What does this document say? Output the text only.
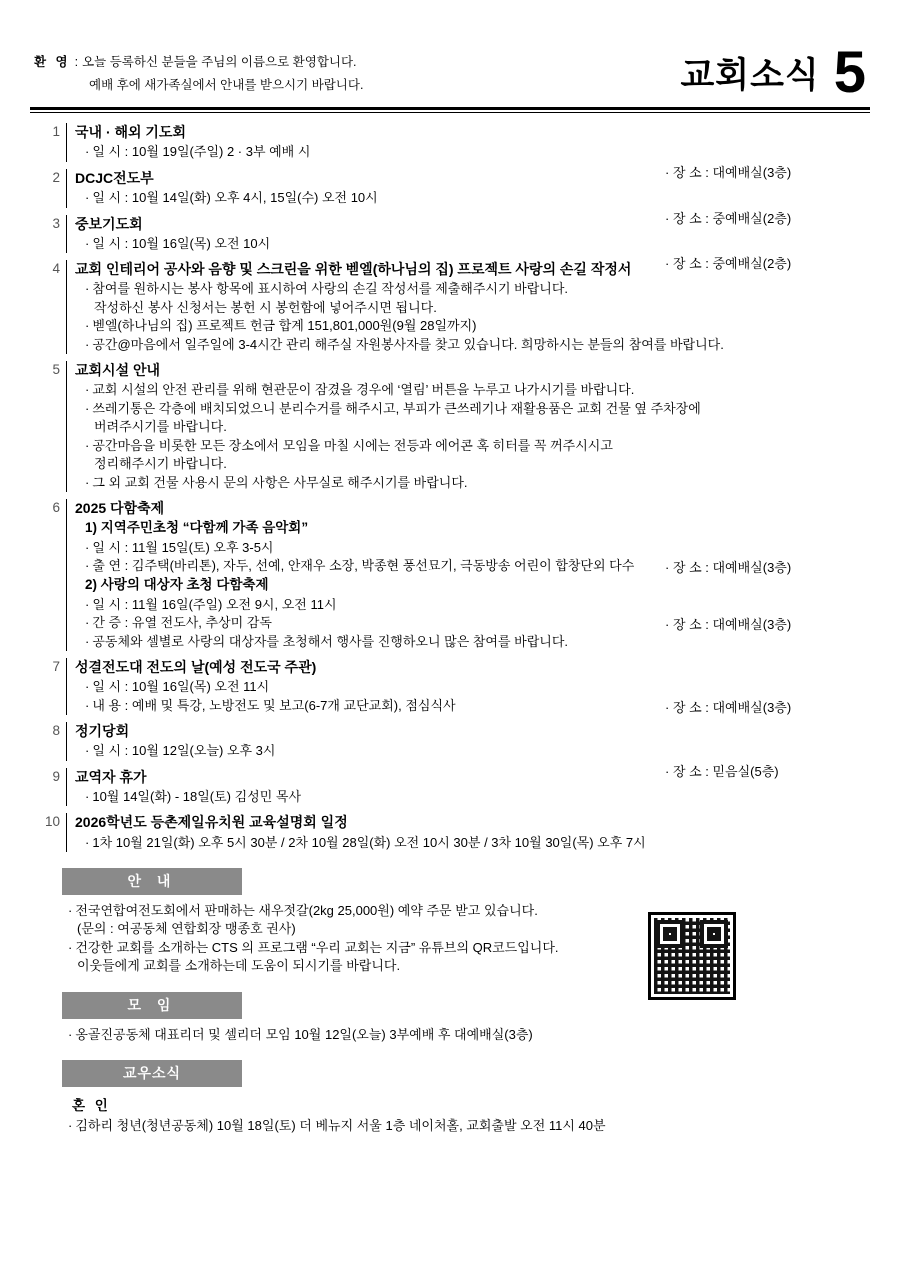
환 영 : 오늘 등록하신 분들을 주님의 이름으로 환영합니다.
예배 후에 새가족실에서 안내를 받으시기 바랍니다.	교회소식 5
1	국내 · 해외 기도회
· 일 시 : 10월 19일(주일) 2 · 3부 예배 시
· 장 소 : 대예배실(3층)
2	DCJC전도부
· 일 시 : 10월 14일(화) 오후 4시, 15일(수) 오전 10시
· 장 소 : 중예배실(2층)
3	중보기도회
· 일 시 : 10월 16일(목) 오전 10시
· 장 소 : 중예배실(2층)
4	교회 인테리어 공사와 음향 및 스크린을 위한 벧엘(하나님의 집) 프로젝트 사랑의 손길 작정서
· 참여를 원하시는 봉사 항목에 표시하여 사랑의 손길 작성서를 제출해주시기 바랍니다.
작성하신 봉사 신청서는 봉헌 시 봉헌함에 넣어주시면 됩니다.
· 벧엘(하나님의 집) 프로젝트 헌금 합계 151,801,000원(9월 28일까지)
· 공간@마음에서 일주일에 3-4시간 관리 해주실 자원봉사자를 찾고 있습니다. 희망하시는 분들의 참여를 바랍니다.
5	교회시설 안내
· 교회 시설의 안전 관리를 위해 현관문이 잠겼을 경우에 ‘열림’ 버튼을 누루고 나가시기를 바랍니다.
· 쓰레기통은 각층에 배치되었으니 분리수거를 해주시고, 부피가 큰쓰레기나 재활용품은 교회 건물 옆 주차장에
버려주시기를 바랍니다.
· 공간마음을 비롯한 모든 장소에서 모임을 마칠 시에는 전등과 에어콘 혹 히터를 꼭 꺼주시시고
정리해주시기 바랍니다.
· 그 외 교회 건물 사용시 문의 사항은 사무실로 해주시기를 바랍니다.
6	2025 다함축제
1) 지역주민초청 “다함께 가족 음악회”
· 일 시 : 11월 15일(토) 오후 3-5시
· 장 소 : 대예배실(3층)
· 출 연 : 김주택(바리톤), 자두, 선예, 안재우 소장, 박종현 풍선묘기, 극동방송 어린이 합창단외 다수
2) 사랑의 대상자 초청 다함축제
· 일 시 : 11월 16일(주일) 오전 9시, 오전 11시
· 장 소 : 대예배실(3층)
· 간 증 : 유열 전도사, 추상미 감독
· 공동체와 셀별로 사랑의 대상자를 초청해서 행사를 진행하오니 많은 참여를 바랍니다.
7	성결전도대 전도의 날(예성 전도국 주관)
· 일 시 : 10월 16일(목) 오전 11시
· 장 소 : 대예배실(3층)
· 내 용 : 예배 및 특강, 노방전도 및 보고(6-7개 교단교회), 점심식사
8	정기당회
· 일 시 : 10월 12일(오늘) 오후 3시
· 장 소 : 믿음실(5층)
9	교역자 휴가
· 10월 14일(화) - 18일(토) 김성민 목사
10	2026학년도 등촌제일유치원 교육설명회 일정
· 1차 10월 21일(화) 오후 5시 30분 / 2차 10월 28일(화) 오전 10시 30분 / 3차 10월 30일(목) 오후 7시
안 내
· 전국연합여전도회에서 판매하는 새우젓갈(2kg 25,000원) 예약 주문 받고 있습니다.
(문의 : 여공동체 연합회장 맹종호 권사)
· 건강한 교회를 소개하는 CTS 의 프로그램 “우리 교회는 지금” 유튜브의 QR코드입니다.
이웃들에게 교회를 소개하는데 도움이 되시기를 바랍니다.
모 임
· 옹골진공동체 대표리더 및 셀리더 모임 10월 12일(오늘) 3부예배 후 대예배실(3층)
교우소식
혼 인
· 김하리 청년(청년공동체) 10월 18일(토) 더 베뉴지 서울 1층 네이처홀, 교회출발 오전 11시 40분
